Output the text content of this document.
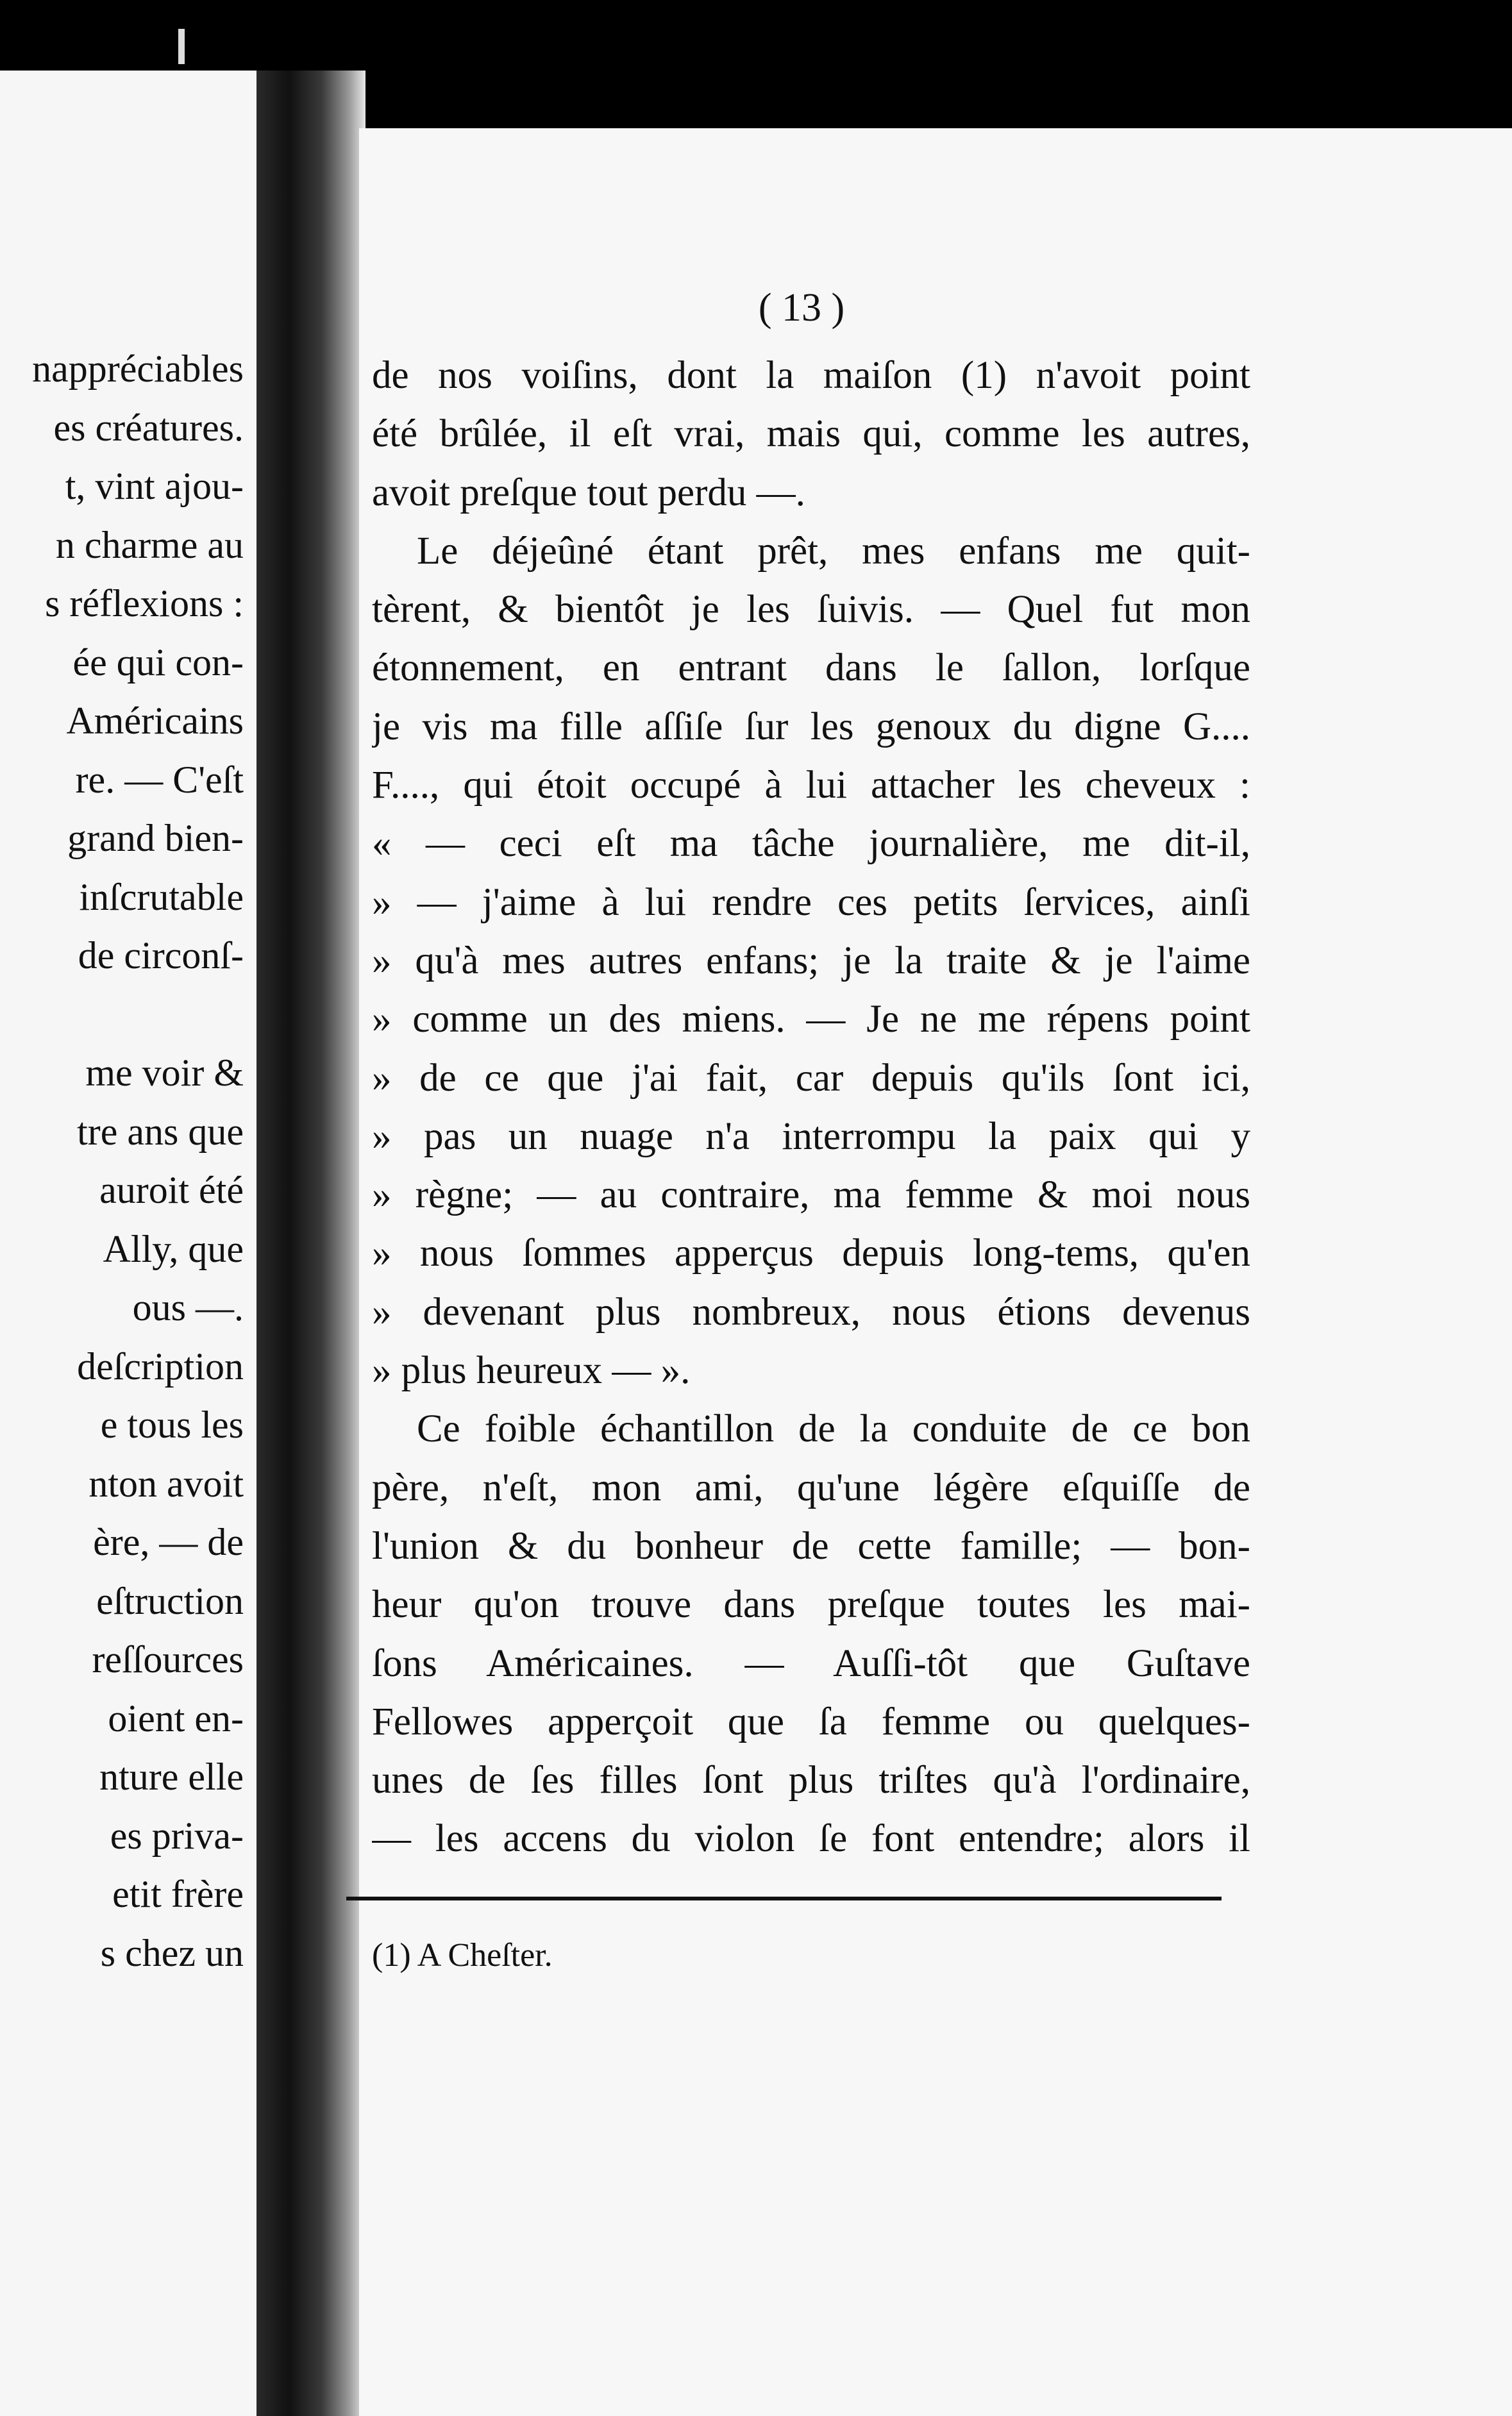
nappréciables
es créatures.
t, vint ajou-
n charme au
s réflexions :
ée qui con-
Américains
re. — C'eſt
grand bien-
inſcrutable
de circonſ-
me voir &
tre ans que
auroit été
Ally, que
ous —.
deſcription
e tous les
nton avoit
ère, — de
eſtruction
reſſources
oient en-
nture elle
es priva-
etit frère
s chez un
( 13 )
de nos voiſins, dont la maiſon (1) n'avoit point
été brûlée, il eſt vrai, mais qui, comme les autres,
avoit preſque tout perdu —.
Le déjeûné étant prêt, mes enfans me quit-
tèrent, & bientôt je les ſuivis. — Quel fut mon
étonnement, en entrant dans le ſallon, lorſque
je vis ma fille aſſiſe ſur les genoux du digne G....
F...., qui étoit occupé à lui attacher les cheveux :
« — ceci eſt ma tâche journalière, me dit-il,
» — j'aime à lui rendre ces petits ſervices, ainſi
» qu'à mes autres enfans; je la traite & je l'aime
» comme un des miens. — Je ne me répens point
» de ce que j'ai fait, car depuis qu'ils ſont ici,
» pas un nuage n'a interrompu la paix qui y
» règne; — au contraire, ma femme & moi nous
» nous ſommes apperçus depuis long-tems, qu'en
» devenant plus nombreux, nous étions devenus
» plus heureux — ».
Ce foible échantillon de la conduite de ce bon
père, n'eſt, mon ami, qu'une légère eſquiſſe de
l'union & du bonheur de cette famille; — bon-
heur qu'on trouve dans preſque toutes les mai-
ſons Américaines. — Auſſi-tôt que Guſtave
Fellowes apperçoit que ſa femme ou quelques-
unes de ſes filles ſont plus triſtes qu'à l'ordinaire,
— les accens du violon ſe font entendre; alors il
(1) A Cheſter.
